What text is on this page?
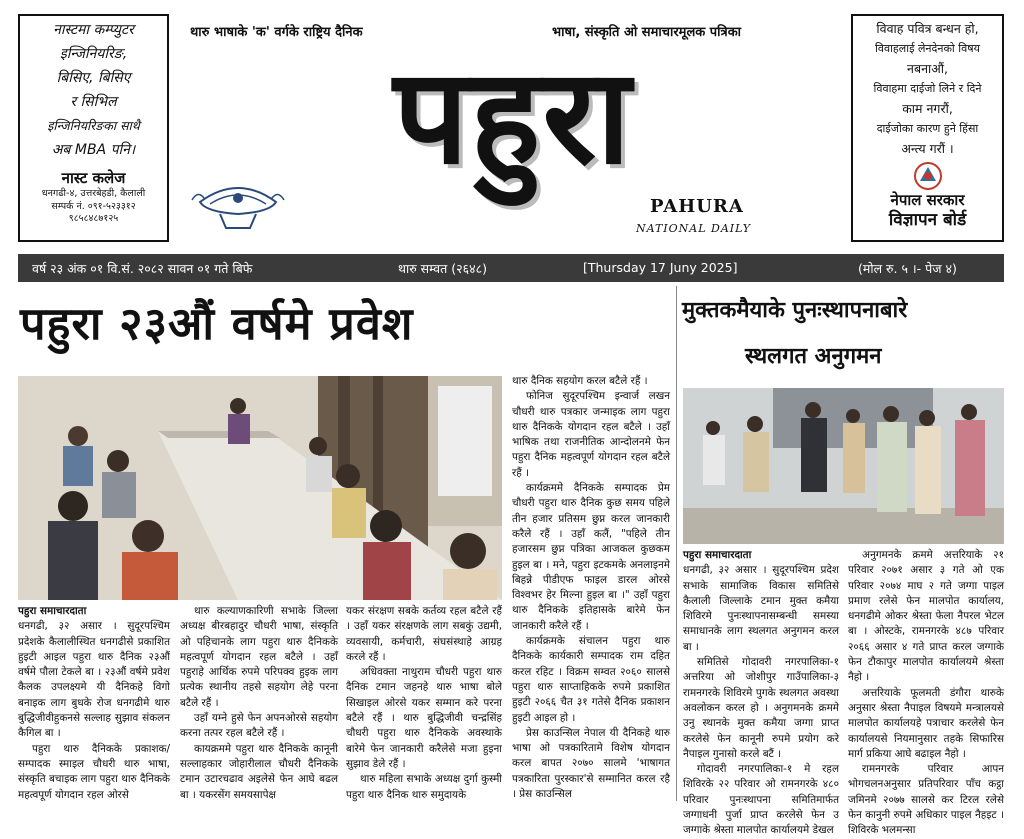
नास्टमा कम्प्युटर

इन्जिनियरिङ,

बिसिए, बिसिए

र सिभिल

इन्जिनियरिङका साथै

अब MBA पनि।

नास्ट कलेज

धनगढी-४, उत्तरबेहडी, कैलाली

सम्पर्क नं. ०९१-५२३३१२

९८५८४८७१२५

थारु भाषाके 'क' वर्गके राष्ट्रिय दैनिक	भाषा, संस्कृति ओ समाचारमूलक पत्रिका
पहुरा
PAHURA
NATIONAL DAILY

विवाह पवित्र बन्धन हो,

विवाहलाई लेनदेनको विषय

नबनाऔं,

विवाहमा दाईजो लिने र दिने

काम नगरौं,

दाईजोका कारण हुने हिंसा

अन्त्य गरौं ।

नेपाल सरकार

विज्ञापन बोर्ड

वर्ष २३ अंक ०१ वि.सं. २०८२ सावन ०१ गते बिफे	थारु सम्वत (२६४८)	[Thursday 17 Juny 2025]	(मोल रु. ५ ।- पेज ४)
पहुरा २३औं वर्षमे प्रवेश	मुक्तकमैयाके पुनःस्थापनाबारे
स्थलगत अनुगमन

पहुरा समाचारदाता

धनगढी, ३२ असार । सुदूरपश्चिम प्रदेशके कैलालीस्थित धनगढीसे प्रकाशित हुइटी आइल पहुरा थारु दैनिक २३औं वर्षमे पौला टेकले बा । २३औं वर्षमे प्रवेश कैलक उपलक्ष्यमे यी दैनिकहे विगो बनाइक लाग बुधके रोज धनगढीमे थारु बुद्धिजीवीहुकनसे सल्लाह सुझाव संकलन कैगिल बा ।

पहुरा थारु दैनिकके प्रकाशक/सम्पादक स्माइल चौधरी थारु भाषा, संस्कृति बचाइक लाग पहुरा थारु दैनिकके महत्वपूर्ण योगदान रहल ओरसे

थारु कल्याणकारिणी सभाके जिल्ला अध्यक्ष बीरबहादुर चौधरी भाषा, संस्कृति ओ पहिचानके लाग पहुरा थारु दैनिकके महत्वपूर्ण योगदान रहल बटैले । उहाँ पहुराहे आर्थिक रुपमे परिपक्व हुइक लाग प्रत्येक स्थानीय तहसे सहयोग लेहे परना बटैले रहैं ।

उहाँ यम्ने हुसे फेन अपनओरसे सहयोग करना तत्पर रहल बटैले रहैं ।

कायक्रममे पहुरा थारु दैनिकके कानूनी सल्लाहकार जोहारीलाल चौधरी दैनिकके टमान उटारचढाव अइलेसे फेन आघे बढल बा । यकरसेंग समयसापेक्ष

यकर संरक्षण सबके कर्तव्य रहल बटैले रहैं । उहाँ यकर संरक्षणके लाग सबकुं उद्यमी, व्यवसायी, कर्मचारी, संघसंस्थाहे आग्रह करले रहैं ।

अधिवक्ता नाथुराम चौधरी पहुरा थारु दैनिक टमान जहनहे थारु भाषा बोले सिखाइल ओरसे यकर सम्मान करे परना बटैले रहैं । थारु बुद्धिजीवी चन्द्रसिंह चौधरी पहुरा थारु दैनिकके अवस्थाके बारेमे फेन जानकारी करैलेसे मजा हुइना सुझाव डेले रहैं ।

थारु महिला सभाके अध्यक्ष दुर्गा कुस्मी पहुरा थारु दैनिक थारु समुदायके

थारु दैनिक सहयोग करल बटैले रहैं ।

फोनिज सुदूरपश्चिम इन्वार्ज लखन चौधरी थारु पत्रकार जन्माइक लाग पहुरा थारु दैनिकके योगदान रहल बटैले । उहाँ भाषिक तथा राजनीतिक आन्दोलनमे फेन पहुरा दैनिक महत्वपूर्ण योगदान रहल बटैले रहैं ।

कार्यक्रममे दैनिकके सम्पादक प्रेम चौधरी पहुरा थारु दैनिक कुछ समय पहिले तीन हजार प्रतिसम छुप्न करल जानकारी करैले रहैं । उहाँ कलैं, "पहिले तीन हजारसम छुप्न पत्रिका आजकल कुछकम हुइल बा । मने, पहुरा इटकमके अनलाइनमे बिहन्ने पीडीएफ फाइल डारल ओरसे विश्वभर हेर मिल्ना हुइल बा ।" उहाँ पहुरा थारु दैनिकके इतिहासके बारेमे फेन जानकारी करैले रहैं ।

कार्यक्रमके संचालन पहुरा थारु दैनिकके कार्यकारी सम्पादक राम दहित करल रहिट । विक्रम सम्वत २०६० सालसे पहुरा थारु साप्ताहिकके रुपमे प्रकाशित हुइटी २०६६ चैत ३१ गतेसे दैनिक प्रकाशन हुइटी आइल हो ।

प्रेस काउन्सिल नेपाल यी दैनिकहे थारु भाषा ओ पत्रकारितामे विशेष योगदान करल बापत २०७० सालमे 'भाषागत पत्रकारिता पुरस्कार'से सम्मानित करल रहै । प्रेस काउन्सिल

पहुरा समाचारदाता

धनगढी, ३२ असार । सुदूरपश्चिम प्रदेश सभाके सामाजिक विकास समितिसे कैलाली जिल्लाके टमान मुक्त कमैया शिविरमे पुनःस्थापनासम्बन्धी समस्या समाधानके लाग स्थलगत अनुगमन करल बा ।

समितिसे गोदावरी नगरपालिका-१ अत्तरिया ओ जोशीपुर गाउँपालिका-३ रामनगरके शिविरमे पुगके स्थलगत अवस्था अवलोकन करल हो । अनुगमनके क्रममे उनु स्थानके मुक्त कमैया जग्गा प्राप्त करलेसे फेन कानूनी रुपमे प्रयोग करे नैपाइल गुनासो करले बटैं ।

गोदावरी नगरपालिका-१ मे रहल शिविरके २२ परिवार ओ रामनगरके ४८० परिवार पुनःस्थापना समितिमार्फत जग्गाधनी पुर्जा प्राप्त करलेसे फेन उ जग्गाके श्रेस्ता मालपोत कार्यालयमे डेखल

अनुगमनके क्रममे अत्तरियाके २१ परिवार २०७१ असार ३ गते ओ एक परिवार २०७४ माघ २ गते जग्गा पाइल प्रमाण रलेसे फेन मालपोत कार्यालय, धनगढीमे ओकर श्रेस्ता फेला नैपरल भेटल बा । ओस्टके, रामनगरके ४८७ परिवार २०६६ असार ४ गते प्राप्त करल जग्गाके फेन टौकापुर मालपोत कार्यालयमे श्रेस्ता नैहो ।

अत्तरियाके फूलमती डंगौरा थारुके अनुसार श्रेस्ता नैपाइल विषयमे मन्त्रालयसे मालपोत कार्यालयहे पत्राचार करलेसे फेन कार्यालयसे नियमानुसार तहके सिफारिस मार्ग प्रकिया आघे बढाइल नैहो ।

रामनगरके परिवार आपन भोगचलनअनुसार प्रतिपरिवार पाँच कट्ठा जमिनमे २०७७ सालसे कर टिरल रलेसे फेन कानुनी रुपमे अधिकार पाइल नैहइट । शिविरके भलमन्सा
